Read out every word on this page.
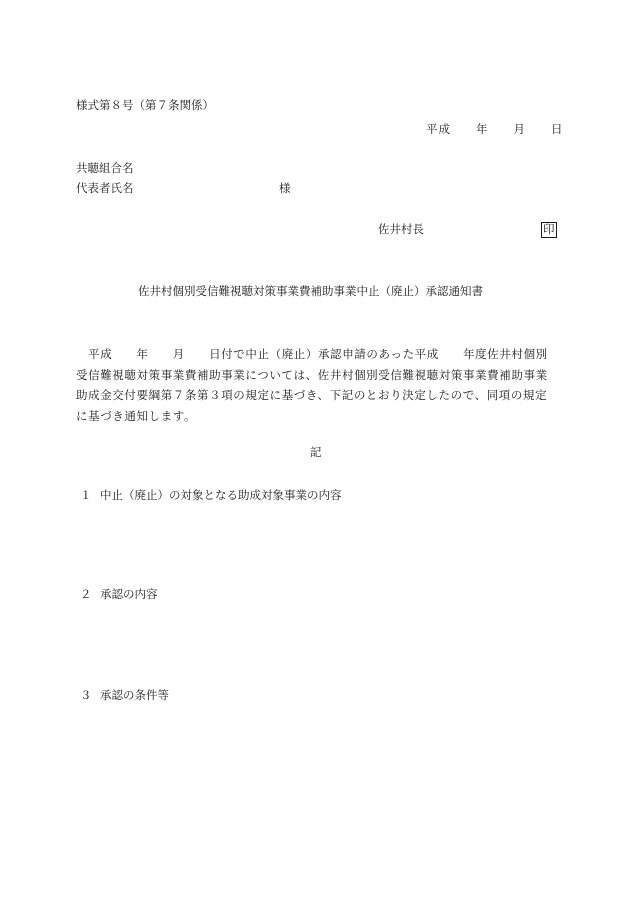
様式第８号（第７条関係）
平成　　年　　月　　日
共聴組合名
代表者氏名	様
佐井村長	印
佐井村個別受信難視聴対策事業費補助事業中止（廃止）承認通知書
　平成　　年　　月　　日付で中止（廃止）承認申請のあった平成　　年度佐井村個別受信難視聴対策事業費補助事業については、佐井村個別受信難視聴対策事業費補助事業助成金交付要綱第７条第３項の規定に基づき、下記のとおり決定したので、同項の規定に基づき通知します。
記
１ 中止（廃止）の対象となる助成対象事業の内容
２ 承認の内容
３ 承認の条件等
